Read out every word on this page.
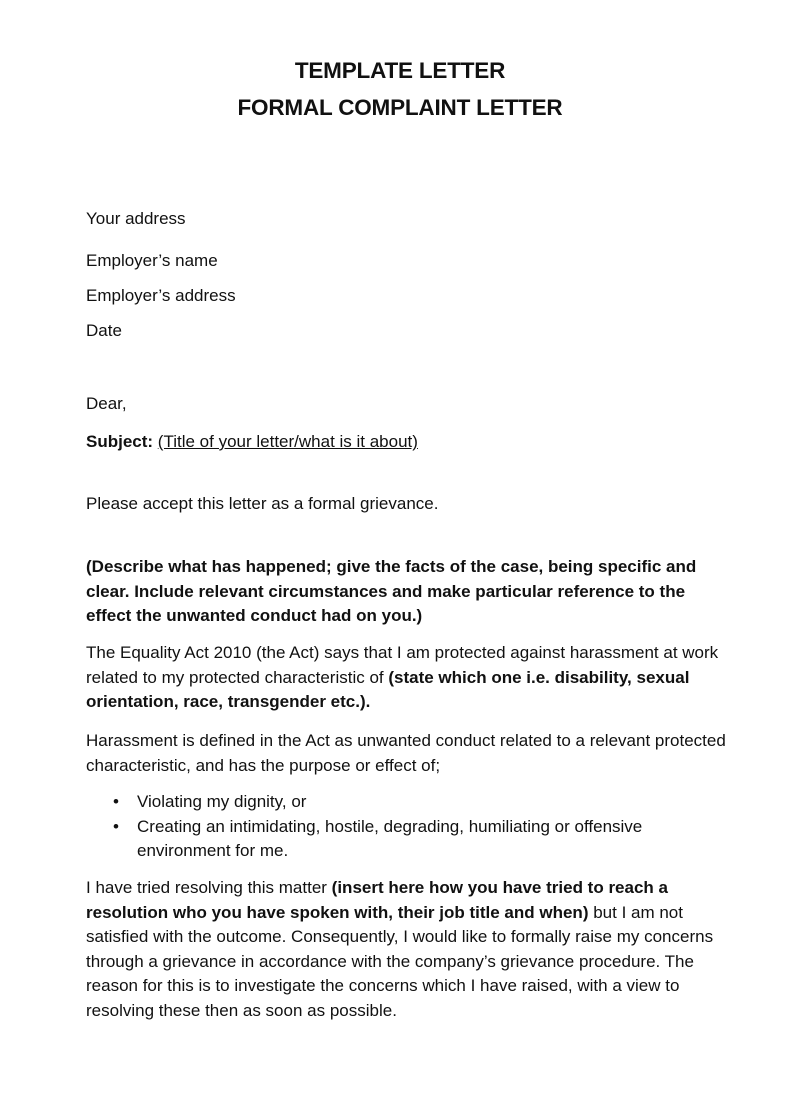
TEMPLATE LETTER
FORMAL COMPLAINT LETTER
Your address
Employer’s name
Employer’s address
Date
Dear,
Subject: (Title of your letter/what is it about)
Please accept this letter as a formal grievance.
(Describe what has happened; give the facts of the case, being specific and clear. Include relevant circumstances and make particular reference to the effect the unwanted conduct had on you.)
The Equality Act 2010 (the Act) says that I am protected against harassment at work related to my protected characteristic of (state which one i.e. disability, sexual orientation, race, transgender etc.).
Harassment is defined in the Act as unwanted conduct related to a relevant protected characteristic, and has the purpose or effect of;
• Violating my dignity, or
• Creating an intimidating, hostile, degrading, humiliating or offensive environment for me.
I have tried resolving this matter (insert here how you have tried to reach a resolution who you have spoken with, their job title and when) but I am not satisfied with the outcome. Consequently, I would like to formally raise my concerns through a grievance in accordance with the company’s grievance procedure. The reason for this is to investigate the concerns which I have raised, with a view to resolving these then as soon as possible.
